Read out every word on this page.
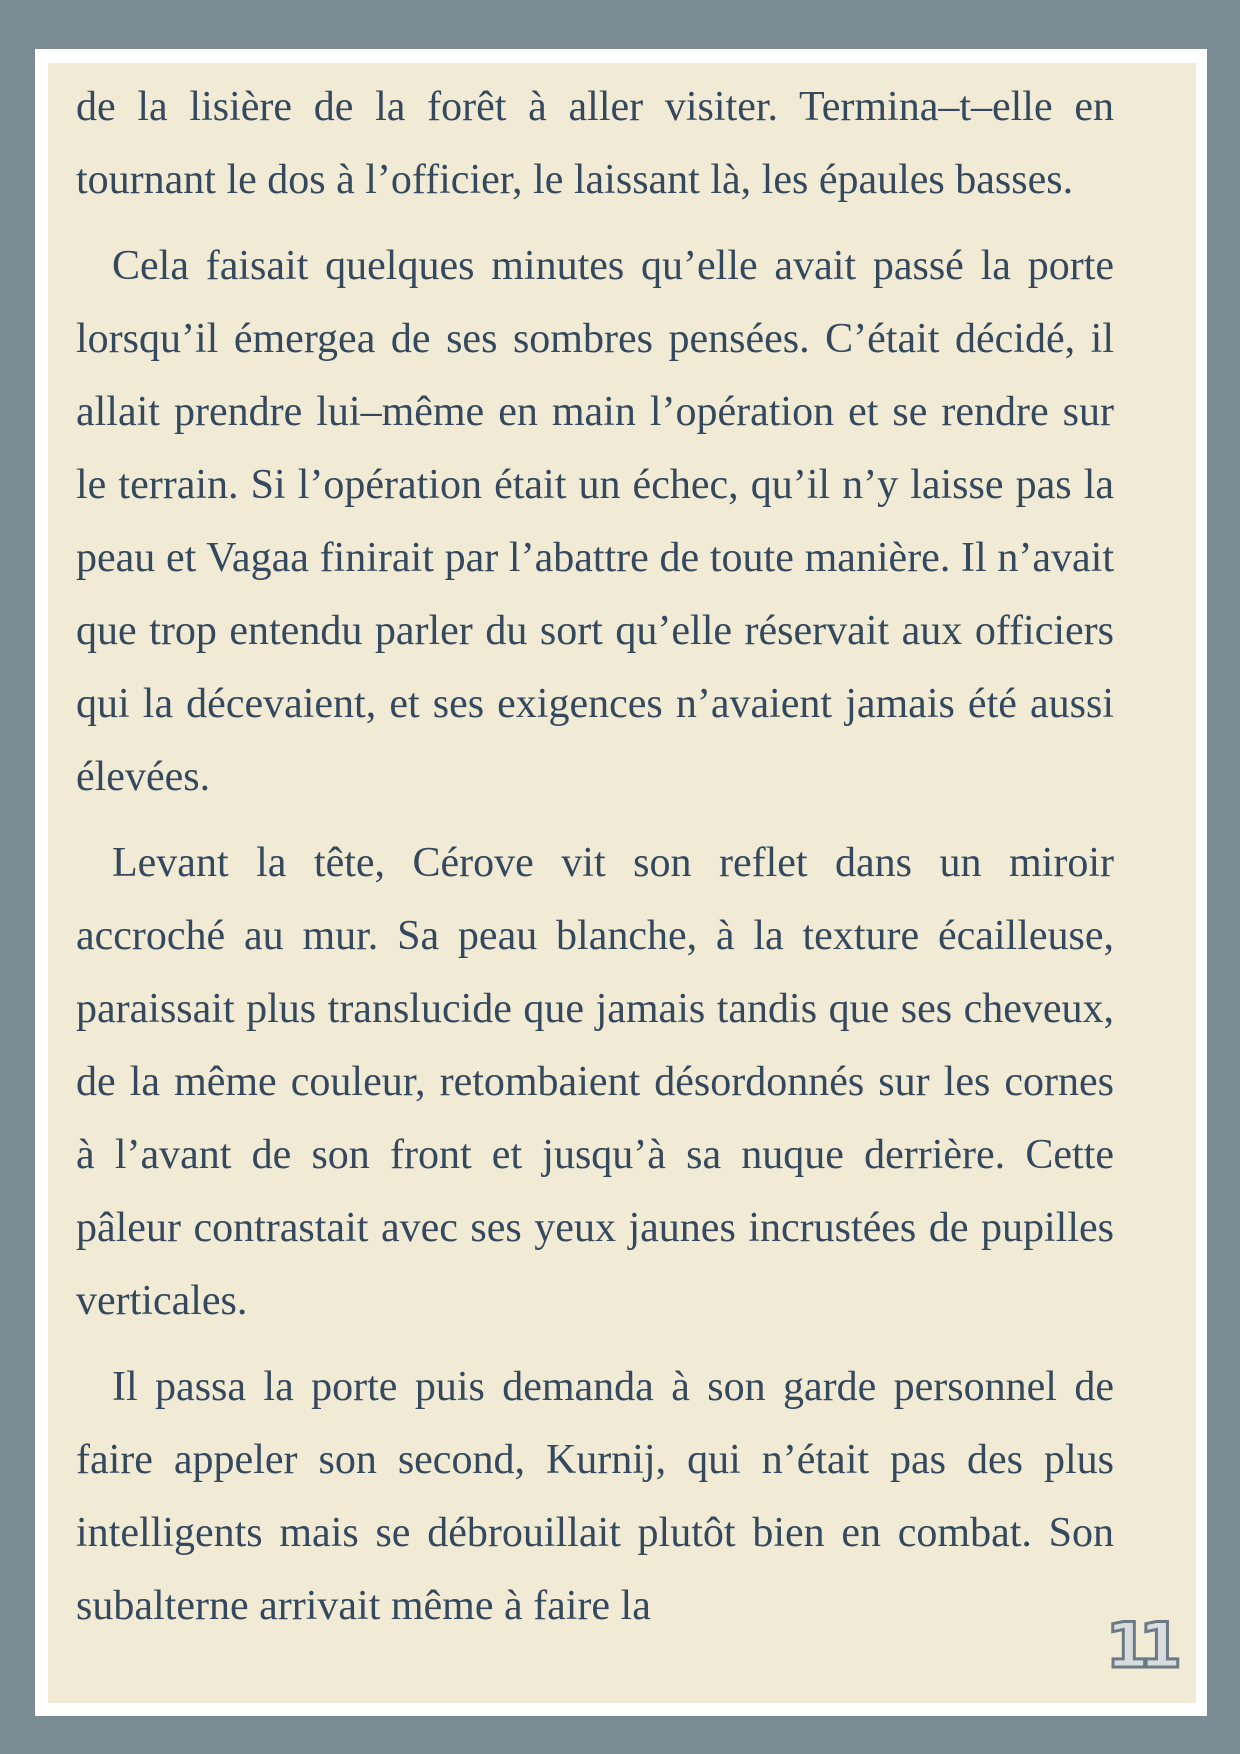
de la lisière de la forêt à aller visiter. Termina–t–elle en tournant le dos à l’officier, le laissant là, les épaules basses.

Cela faisait quelques minutes qu’elle avait passé la porte lorsqu’il émergea de ses sombres pensées. C’était décidé, il allait prendre lui–même en main l’opération et se rendre sur le terrain. Si l’opération était un échec, qu’il n’y laisse pas la peau et Vagaa finirait par l’abattre de toute manière. Il n’avait que trop entendu parler du sort qu’elle réservait aux officiers qui la décevaient, et ses exigences n’avaient jamais été aussi élevées.

Levant la tête, Cérove vit son reflet dans un miroir accroché au mur. Sa peau blanche, à la texture écailleuse, paraissait plus translucide que jamais tandis que ses cheveux, de la même couleur, retombaient désordonnés sur les cornes à l’avant de son front et jusqu’à sa nuque derrière. Cette pâleur contrastait avec ses yeux jaunes incrustées de pupilles verticales.

Il passa la porte puis demanda à son garde personnel de faire appeler son second, Kurnij, qui n’était pas des plus intelligents mais se débrouillait plutôt bien en combat. Son subalterne arrivait même à faire la

11
